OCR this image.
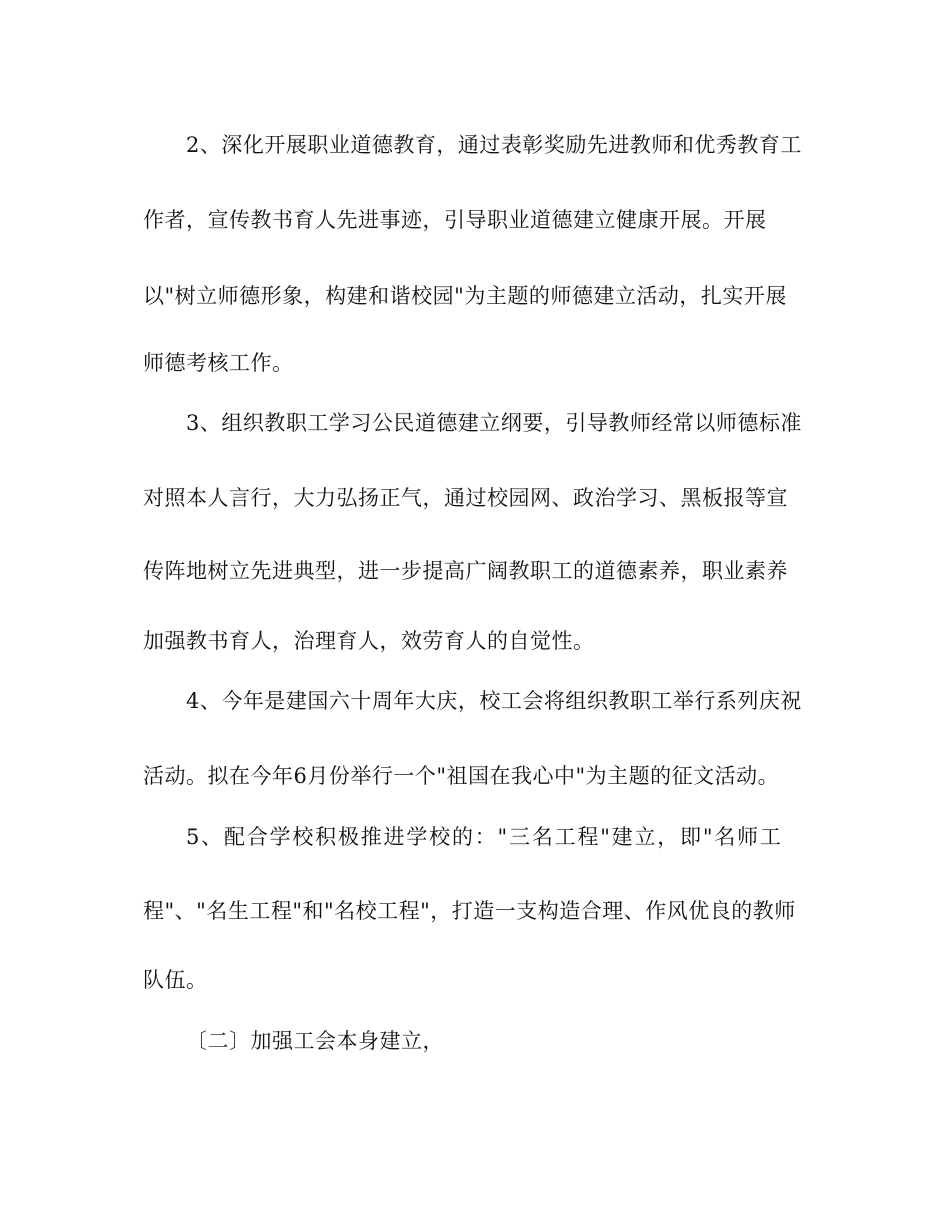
2、深化开展职业道德教育，通过表彰奖励先进教师和优秀教育工
作者，宣传教书育人先进事迹，引导职业道德建立健康开展。开展
以"树立师德形象，构建和谐校园"为主题的师德建立活动，扎实开展
师德考核工作。
3、组织教职工学习公民道德建立纲要，引导教师经常以师德标准
对照本人言行，大力弘扬正气，通过校园网、政治学习、黑板报等宣
传阵地树立先进典型，进一步提高广阔教职工的道德素养，职业素养
加强教书育人，治理育人，效劳育人的自觉性。
4、今年是建国六十周年大庆，校工会将组织教职工举行系列庆祝
活动。拟在今年6月份举行一个"祖国在我心中"为主题的征文活动。
5、配合学校积极推进学校的："三名工程"建立，即"名师工
程"、"名生工程"和"名校工程"，打造一支构造合理、作风优良的教师
队伍。
〔二〕加强工会本身建立，
